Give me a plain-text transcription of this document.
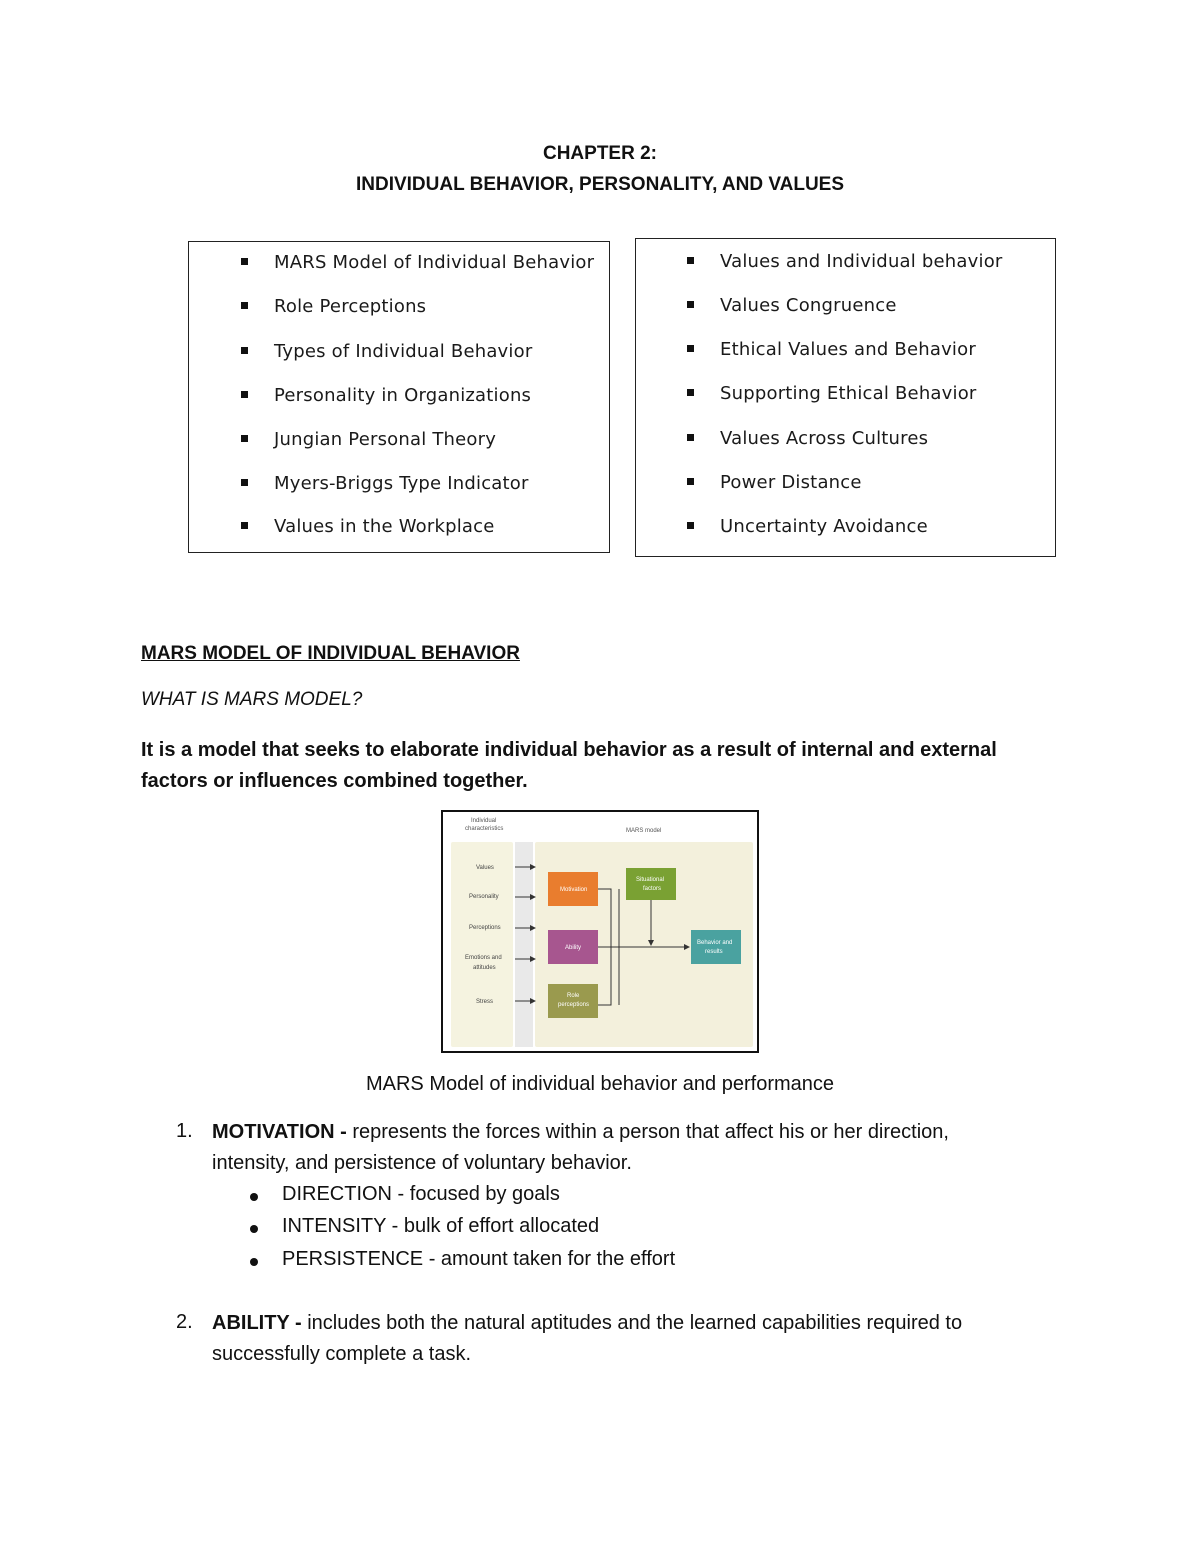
CHAPTER 2:
INDIVIDUAL BEHAVIOR, PERSONALITY, AND VALUES
MARS Model of Individual Behavior
Role Perceptions
Types of Individual Behavior
Personality in Organizations
Jungian Personal Theory
Myers-Briggs Type Indicator
Values in the Workplace
Values and Individual behavior
Values Congruence
Ethical Values and Behavior
Supporting Ethical Behavior
Values Across Cultures
Power Distance
Uncertainty Avoidance
MARS MODEL OF INDIVIDUAL BEHAVIOR
WHAT IS MARS MODEL?
It is a model that seeks to elaborate individual behavior as a result of internal and external factors or influences combined together.
Individual
characteristics	MARS model
Values
Personality
Perceptions
Emotions and
attitudes
Stress
Motivation
Ability
Role
perceptions
Situational
factors
Behavior and
results
MARS Model of individual behavior and performance
1. MOTIVATION - represents the forces within a person that affect his or her direction,
intensity, and persistence of voluntary behavior.
DIRECTION - focused by goals
INTENSITY - bulk of effort allocated
PERSISTENCE - amount taken for the effort
2. ABILITY - includes both the natural aptitudes and the learned capabilities required to
successfully complete a task.
